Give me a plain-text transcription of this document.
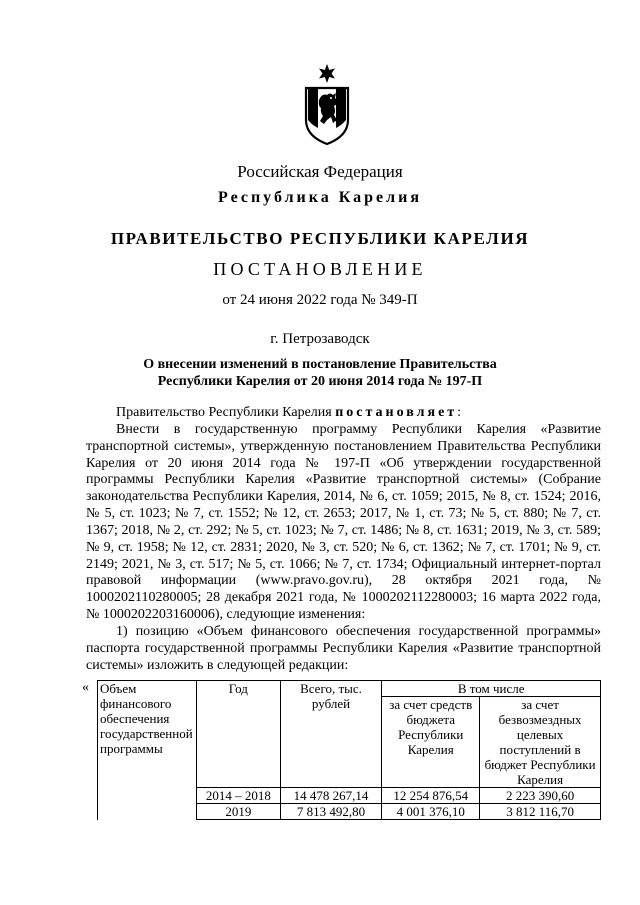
Российская Федерация
Республика Карелия
ПРАВИТЕЛЬСТВО РЕСПУБЛИКИ КАРЕЛИЯ
ПОСТАНОВЛЕНИЕ
от 24 июня 2022 года № 349-П
г. Петрозаводск
О внесении изменений в постановление Правительства
Республики Карелия от 20 июня 2014 года № 197-П

Правительство Республики Карелия постановляет:

Внести в государственную программу Республики Карелия «Развитие транспортной системы», утвержденную постановлением Правительства Республики Карелия от 20 июня 2014 года № 197-П «Об утверждении государственной программы Республики Карелия «Развитие транспортной системы» (Собрание законодательства Республики Карелия, 2014, № 6, ст. 1059; 2015, № 8, ст. 1524; 2016, № 5, ст. 1023; № 7, ст. 1552; № 12, ст. 2653; 2017, № 1, ст. 73; № 5, ст. 880; № 7, ст. 1367; 2018, № 2, ст. 292; № 5, ст. 1023; № 7, ст. 1486; № 8, ст. 1631; 2019, № 3, ст. 589; № 9, ст. 1958; № 12, ст. 2831; 2020, № 3, ст. 520; № 6, ст. 1362; № 7, ст. 1701; № 9, ст. 2149; 2021, № 3, ст. 517; № 5, ст. 1066; № 7, ст. 1734; Официальный интернет-портал правовой информации (www.pravo.gov.ru), 28 октября 2021 года, № 1000202110280005; 28 декабря 2021 года, № 1000202112280003; 16 марта 2022 года, № 1000202203160006), следующие изменения:

1) позицию «Объем финансового обеспечения государственной программы» паспорта государственной программы Республики Карелия «Развитие транспортной системы» изложить в следующей редакции:

« Объем финансового обеспечения государственной программы	Год	Всего, тыс. рублей	В том числе	
			за счет средств бюджета Республики Карелия	за счет безвозмездных целевых поступлений в бюджет Республики Карелия
	2014 – 2018	14 478 267,14	12 254 876,54	2 223 390,60
	2019	7 813 492,80	4 001 376,10	3 812 116,70
